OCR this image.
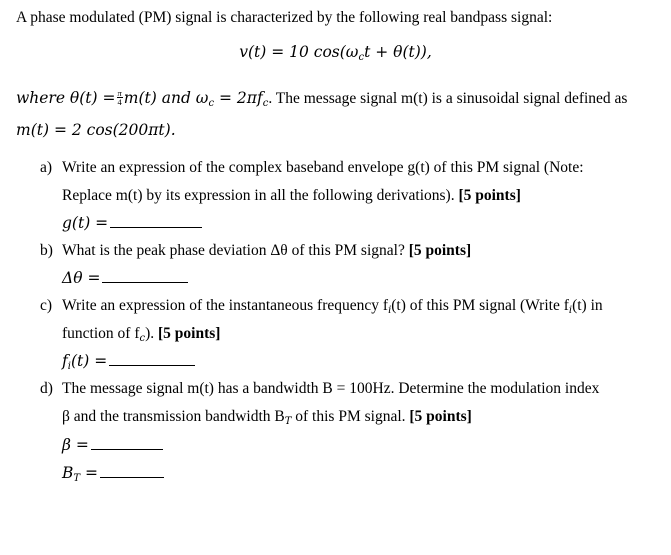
A phase modulated (PM) signal is characterized by the following real bandpass signal:
v(t) = 10 $\cos(\omega_ct + \theta(t))$,
where $\theta(t) = \frac{\pi}{4} m(t)$ and $\omega_c = 2\pi f_c$. The message signal m(t) is a sinusoidal signal defined as
m(t) = 2 cos(200πt).
a) Write an expression of the complex baseband envelope g(t) of this PM signal (Note:
Replace m(t) by its expression in all the following derivations). [5 points]
g(t) =
b) What is the peak phase deviation Δθ of this PM signal? [5 points]
Δθ =
c) Write an expression of the instantaneous frequency $f_i(t)$ of this PM signal (Write $f_i(t)$ in
function of $f_c$). [5 points]
$f_i(t)$ =
d) The message signal m(t) has a bandwidth B = 100Hz. Determine the modulation index
β and the transmission bandwidth $B_T$ of this PM signal. [5 points]
β =
$B_T$ =
